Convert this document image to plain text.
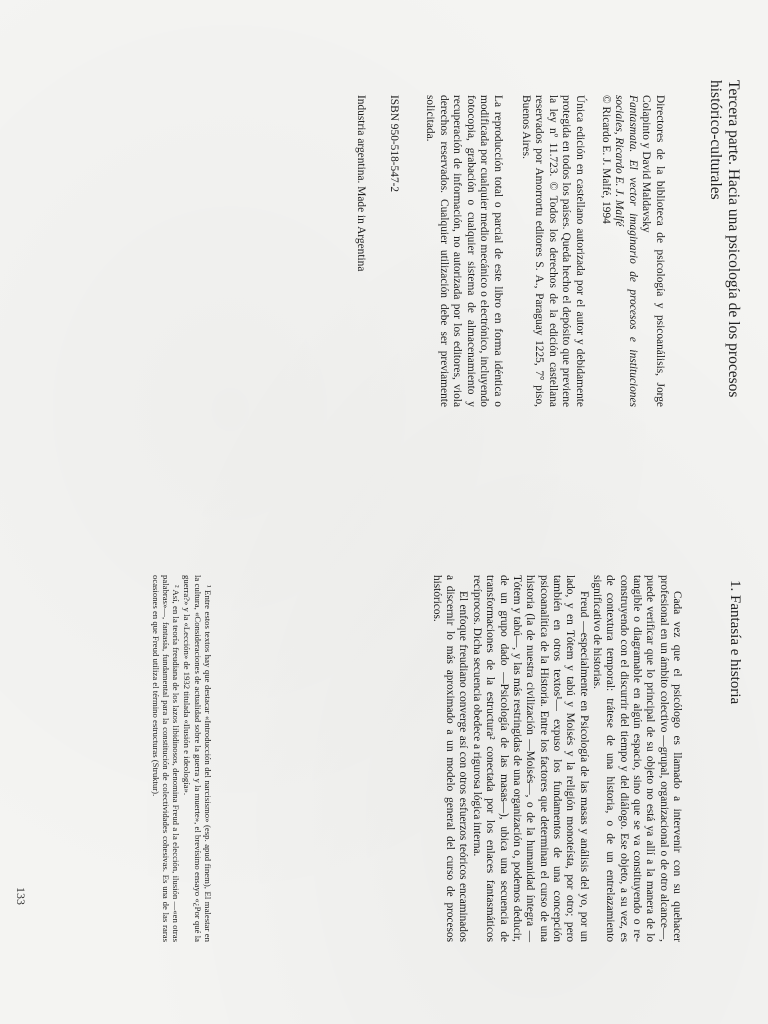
Tercera parte. Hacia una psicología de los procesos histórico-culturales

Directores de la biblioteca de psicología y psicoanálisis, Jorge Colapinto y David Maldavsky
Fantasmata. El vector imaginario de procesos e instituciones sociales, Ricardo E. J. Malfé
© Ricardo E. J. Malfé, 1994

Única edición en castellano autorizada por el autor y debidamente protegida en todos los países. Queda hecho el depósito que previene la ley nº 11.723. © Todos los derechos de la edición castellana reservados por Amorrortu editores S. A., Paraguay 1225, 7° piso, Buenos Aires.

La reproducción total o parcial de este libro en forma idéntica o modificada por cualquier medio mecánico o electrónico, incluyendo fotocopia, grabación o cualquier sistema de almacenamiento y recuperación de información, no autorizada por los editores, viola derechos reservados. Cualquier utilización debe ser previamente solicitada.

ISBN 950-518-547-2

Industria argentina. Made in Argentina

1. Fantasía e historia

Cada vez que el psicólogo es llamado a intervenir con su quehacer profesional en un ámbito colectivo —grupal, organizacional o de otro alcance—, puede verificar que lo principal de su objeto no está ya allí a la manera de lo tangible o diagramable en algún espacio, sino que se va constituyendo o re-construyendo con el discurrir del tiempo y del diálogo. Ese objeto, a su vez, es de contextura temporal: trátese de una historia, o de un entrelazamiento significativo de historias.

Freud —especialmente en Psicología de las masas y análisis del yo, por un lado, y en Tótem y tabú y Moisés y la religión monoteísta, por otro; pero también en otros textos¹— expuso los fundamentos de una concepción psicoanalítica de la Historia. Entre los factores que determinan el curso de una historia (la de nuestra civilización —Moisés—, o de la humanidad íntegra —Tótem y tabú—, y las más restringidas de una organización o, podemos deducir, de un grupo dado —Psicología de las masas—), ubica una secuencia de transformaciones de la estructura² conectada por los enlaces fantasmáticos recíprocos. Dicha secuencia obedece a rigurosa lógica interna.

El enfoque freudiano converge así con otros esfuerzos teóricos encaminados a discernir lo más aproximado a un modelo general del curso de procesos históricos.

¹ Entre estos textos hay que destacar «Introducción del narcisismo» (esp. apud finem), El malestar en la cultura, «Consideraciones de actualidad sobre la guerra y la muerte», el brevísimo ensayo «¿Por qué la guerra?» y la «Lección» de 1932 titulada «Ilusión e ideología».

² Así, en la teoría freudiana de los lazos libidinosos, denomina Freud a la elección, ilusión —«en otras palabras»—, fantasía, fundamental para la constitución de colectividades cohesivas. Es una de las raras ocasiones en que Freud utiliza el término estructuras (Struktur).

133
